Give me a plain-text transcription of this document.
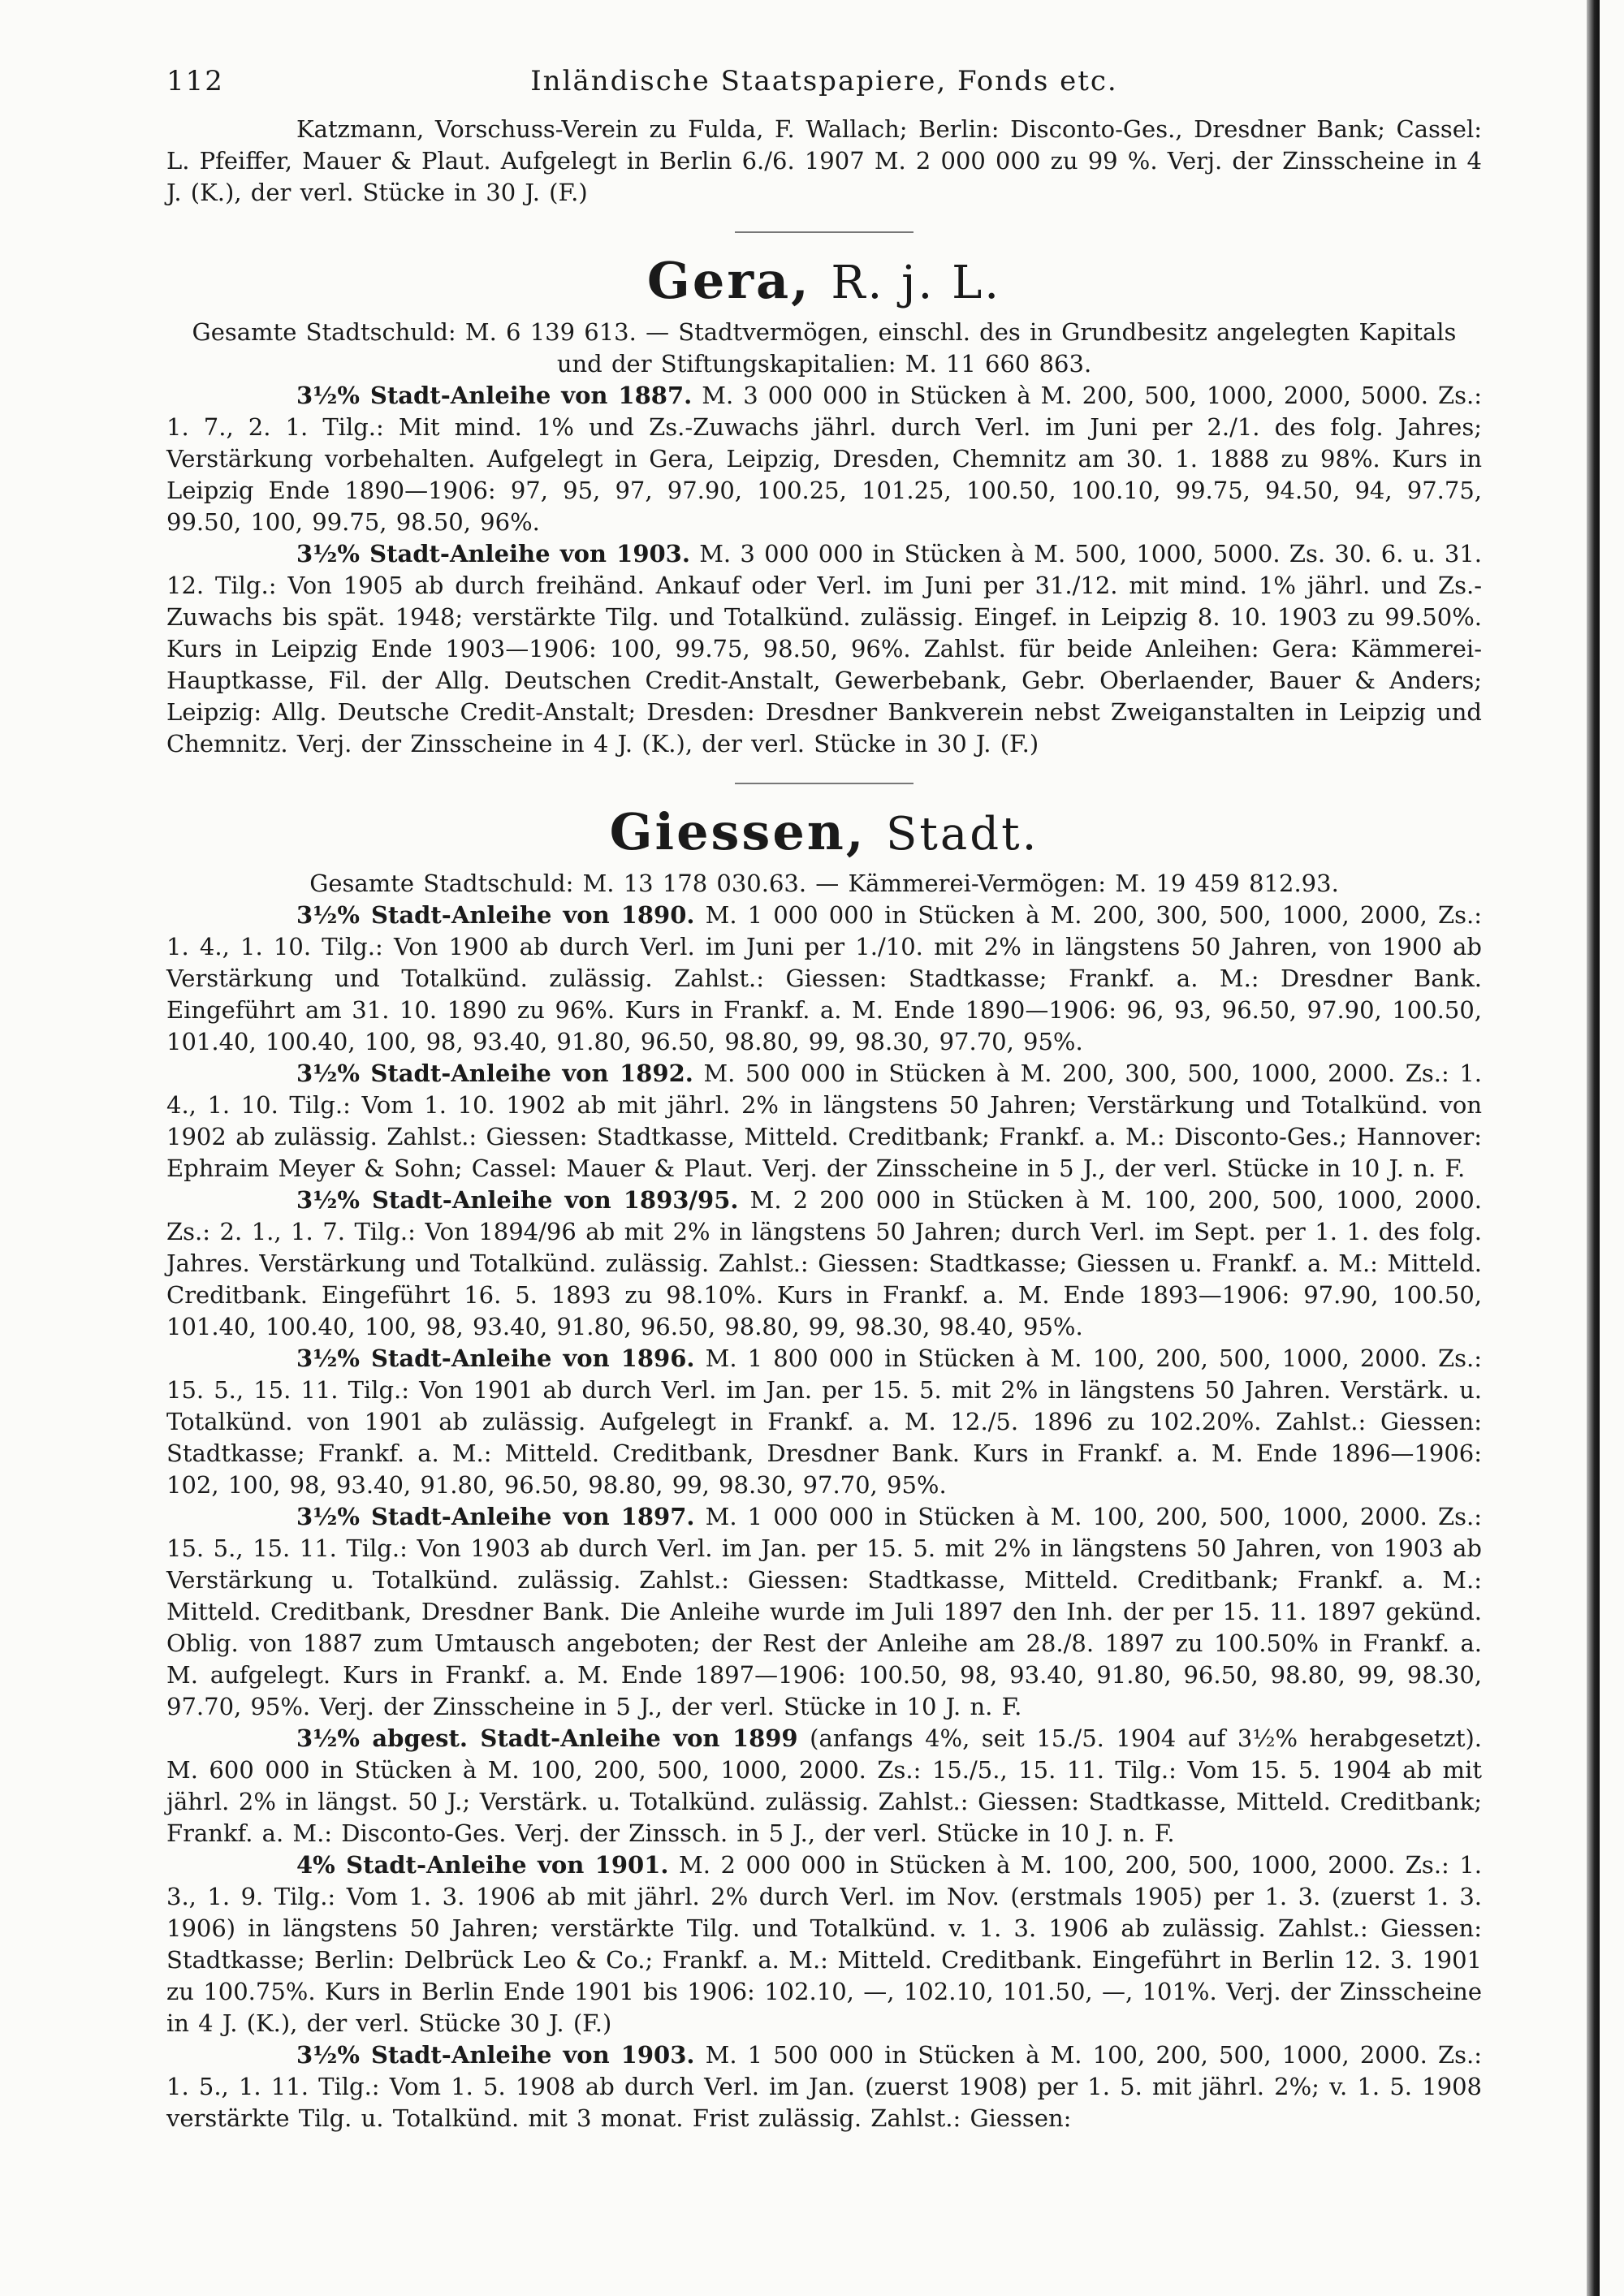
112	Inländische Staatspapiere, Fonds etc.

Katzmann, Vorschuss-Verein zu Fulda, F. Wallach; Berlin: Disconto-Ges., Dresdner Bank; Cassel: L. Pfeiffer, Mauer & Plaut. Aufgelegt in Berlin 6./6. 1907 M. 2 000 000 zu 99 %. Verj. der Zinsscheine in 4 J. (K.), der verl. Stücke in 30 J. (F.)

Gera, R. j. L.

Gesamte Stadtschuld: M. 6 139 613. — Stadtvermögen, einschl. des in Grundbesitz angelegten Kapitals und der Stiftungskapitalien: M. 11 660 863.

3½% Stadt-Anleihe von 1887. M. 3 000 000 in Stücken à M. 200, 500, 1000, 2000, 5000. Zs.: 1. 7., 2. 1. Tilg.: Mit mind. 1% und Zs.-Zuwachs jährl. durch Verl. im Juni per 2./1. des folg. Jahres; Verstärkung vorbehalten. Aufgelegt in Gera, Leipzig, Dresden, Chemnitz am 30. 1. 1888 zu 98%. Kurs in Leipzig Ende 1890—1906: 97, 95, 97, 97.90, 100.25, 101.25, 100.50, 100.10, 99.75, 94.50, 94, 97.75, 99.50, 100, 99.75, 98.50, 96%.

3½% Stadt-Anleihe von 1903. M. 3 000 000 in Stücken à M. 500, 1000, 5000. Zs. 30. 6. u. 31. 12. Tilg.: Von 1905 ab durch freihänd. Ankauf oder Verl. im Juni per 31./12. mit mind. 1% jährl. und Zs.-Zuwachs bis spät. 1948; verstärkte Tilg. und Totalkünd. zulässig. Eingef. in Leipzig 8. 10. 1903 zu 99.50%. Kurs in Leipzig Ende 1903—1906: 100, 99.75, 98.50, 96%. Zahlst. für beide Anleihen: Gera: Kämmerei-Hauptkasse, Fil. der Allg. Deutschen Credit-Anstalt, Gewerbebank, Gebr. Oberlaender, Bauer & Anders; Leipzig: Allg. Deutsche Credit-Anstalt; Dresden: Dresdner Bankverein nebst Zweiganstalten in Leipzig und Chemnitz. Verj. der Zinsscheine in 4 J. (K.), der verl. Stücke in 30 J. (F.)

Giessen, Stadt.

Gesamte Stadtschuld: M. 13 178 030.63. — Kämmerei-Vermögen: M. 19 459 812.93.

3½% Stadt-Anleihe von 1890. M. 1 000 000 in Stücken à M. 200, 300, 500, 1000, 2000, Zs.: 1. 4., 1. 10. Tilg.: Von 1900 ab durch Verl. im Juni per 1./10. mit 2% in längstens 50 Jahren, von 1900 ab Verstärkung und Totalkünd. zulässig. Zahlst.: Giessen: Stadtkasse; Frankf. a. M.: Dresdner Bank. Eingeführt am 31. 10. 1890 zu 96%. Kurs in Frankf. a. M. Ende 1890—1906: 96, 93, 96.50, 97.90, 100.50, 101.40, 100.40, 100, 98, 93.40, 91.80, 96.50, 98.80, 99, 98.30, 97.70, 95%.

3½% Stadt-Anleihe von 1892. M. 500 000 in Stücken à M. 200, 300, 500, 1000, 2000. Zs.: 1. 4., 1. 10. Tilg.: Vom 1. 10. 1902 ab mit jährl. 2% in längstens 50 Jahren; Verstärkung und Totalkünd. von 1902 ab zulässig. Zahlst.: Giessen: Stadtkasse, Mitteld. Creditbank; Frankf. a. M.: Disconto-Ges.; Hannover: Ephraim Meyer & Sohn; Cassel: Mauer & Plaut. Verj. der Zinsscheine in 5 J., der verl. Stücke in 10 J. n. F.

3½% Stadt-Anleihe von 1893/95. M. 2 200 000 in Stücken à M. 100, 200, 500, 1000, 2000. Zs.: 2. 1., 1. 7. Tilg.: Von 1894/96 ab mit 2% in längstens 50 Jahren; durch Verl. im Sept. per 1. 1. des folg. Jahres. Verstärkung und Totalkünd. zulässig. Zahlst.: Giessen: Stadtkasse; Giessen u. Frankf. a. M.: Mitteld. Creditbank. Eingeführt 16. 5. 1893 zu 98.10%. Kurs in Frankf. a. M. Ende 1893—1906: 97.90, 100.50, 101.40, 100.40, 100, 98, 93.40, 91.80, 96.50, 98.80, 99, 98.30, 98.40, 95%.

3½% Stadt-Anleihe von 1896. M. 1 800 000 in Stücken à M. 100, 200, 500, 1000, 2000. Zs.: 15. 5., 15. 11. Tilg.: Von 1901 ab durch Verl. im Jan. per 15. 5. mit 2% in längstens 50 Jahren. Verstärk. u. Totalkünd. von 1901 ab zulässig. Aufgelegt in Frankf. a. M. 12./5. 1896 zu 102.20%. Zahlst.: Giessen: Stadtkasse; Frankf. a. M.: Mitteld. Creditbank, Dresdner Bank. Kurs in Frankf. a. M. Ende 1896—1906: 102, 100, 98, 93.40, 91.80, 96.50, 98.80, 99, 98.30, 97.70, 95%.

3½% Stadt-Anleihe von 1897. M. 1 000 000 in Stücken à M. 100, 200, 500, 1000, 2000. Zs.: 15. 5., 15. 11. Tilg.: Von 1903 ab durch Verl. im Jan. per 15. 5. mit 2% in längstens 50 Jahren, von 1903 ab Verstärkung u. Totalkünd. zulässig. Zahlst.: Giessen: Stadtkasse, Mitteld. Creditbank; Frankf. a. M.: Mitteld. Creditbank, Dresdner Bank. Die Anleihe wurde im Juli 1897 den Inh. der per 15. 11. 1897 gekünd. Oblig. von 1887 zum Umtausch angeboten; der Rest der Anleihe am 28./8. 1897 zu 100.50% in Frankf. a. M. aufgelegt. Kurs in Frankf. a. M. Ende 1897—1906: 100.50, 98, 93.40, 91.80, 96.50, 98.80, 99, 98.30, 97.70, 95%. Verj. der Zinsscheine in 5 J., der verl. Stücke in 10 J. n. F.

3½% abgest. Stadt-Anleihe von 1899 (anfangs 4%, seit 15./5. 1904 auf 3½% herabgesetzt). M. 600 000 in Stücken à M. 100, 200, 500, 1000, 2000. Zs.: 15./5., 15. 11. Tilg.: Vom 15. 5. 1904 ab mit jährl. 2% in längst. 50 J.; Verstärk. u. Totalkünd. zulässig. Zahlst.: Giessen: Stadtkasse, Mitteld. Creditbank; Frankf. a. M.: Disconto-Ges. Verj. der Zinssch. in 5 J., der verl. Stücke in 10 J. n. F.

4% Stadt-Anleihe von 1901. M. 2 000 000 in Stücken à M. 100, 200, 500, 1000, 2000. Zs.: 1. 3., 1. 9. Tilg.: Vom 1. 3. 1906 ab mit jährl. 2% durch Verl. im Nov. (erstmals 1905) per 1. 3. (zuerst 1. 3. 1906) in längstens 50 Jahren; verstärkte Tilg. und Totalkünd. v. 1. 3. 1906 ab zulässig. Zahlst.: Giessen: Stadtkasse; Berlin: Delbrück Leo & Co.; Frankf. a. M.: Mitteld. Creditbank. Eingeführt in Berlin 12. 3. 1901 zu 100.75%. Kurs in Berlin Ende 1901 bis 1906: 102.10, —, 102.10, 101.50, —, 101%. Verj. der Zinsscheine in 4 J. (K.), der verl. Stücke 30 J. (F.)

3½% Stadt-Anleihe von 1903. M. 1 500 000 in Stücken à M. 100, 200, 500, 1000, 2000. Zs.: 1. 5., 1. 11. Tilg.: Vom 1. 5. 1908 ab durch Verl. im Jan. (zuerst 1908) per 1. 5. mit jährl. 2%; v. 1. 5. 1908 verstärkte Tilg. u. Totalkünd. mit 3 monat. Frist zulässig. Zahlst.: Giessen:
